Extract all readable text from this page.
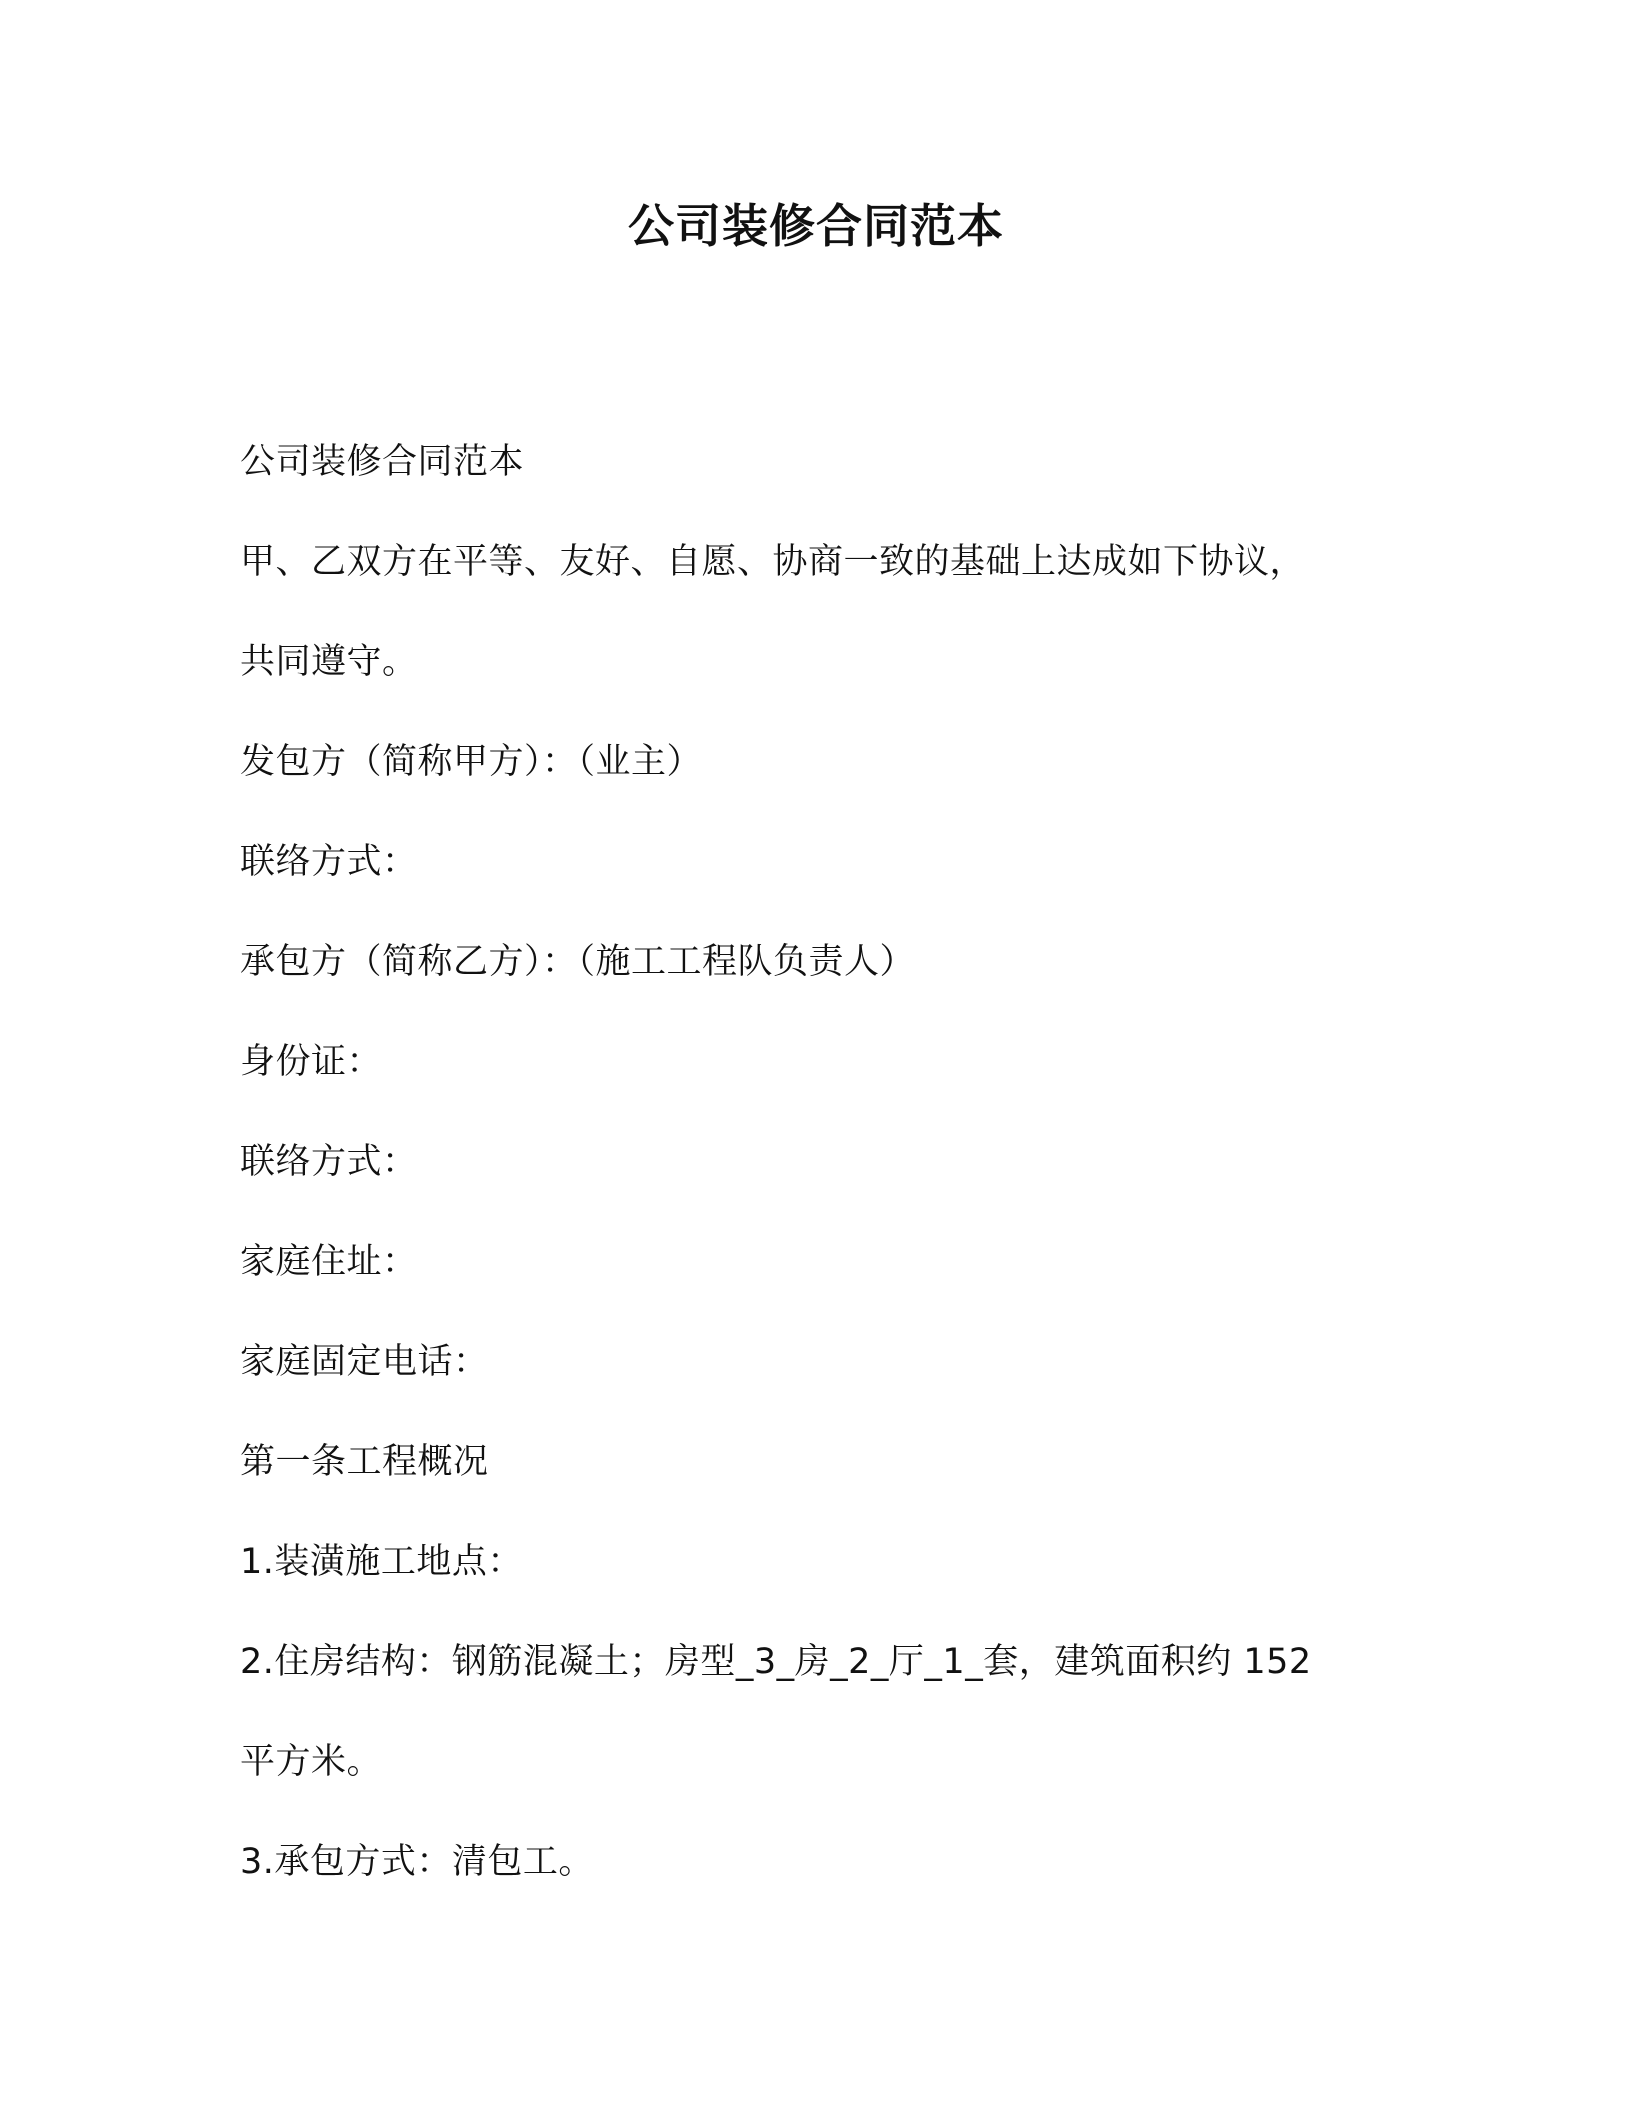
公司装修合同范本
公司装修合同范本
甲、乙双方在平等、友好、自愿、协商一致的基础上达成如下协议，
共同遵守。
发包方（简称甲方）：（业主）
联络方式：
承包方（简称乙方）：（施工工程队负责人）
身份证：
联络方式：
家庭住址：
家庭固定电话：
第一条工程概况
1.装潢施工地点：
2.住房结构：钢筋混凝土；房型_3_房_2_厅_1_套，建筑面积约 152
平方米。
3.承包方式：清包工。
